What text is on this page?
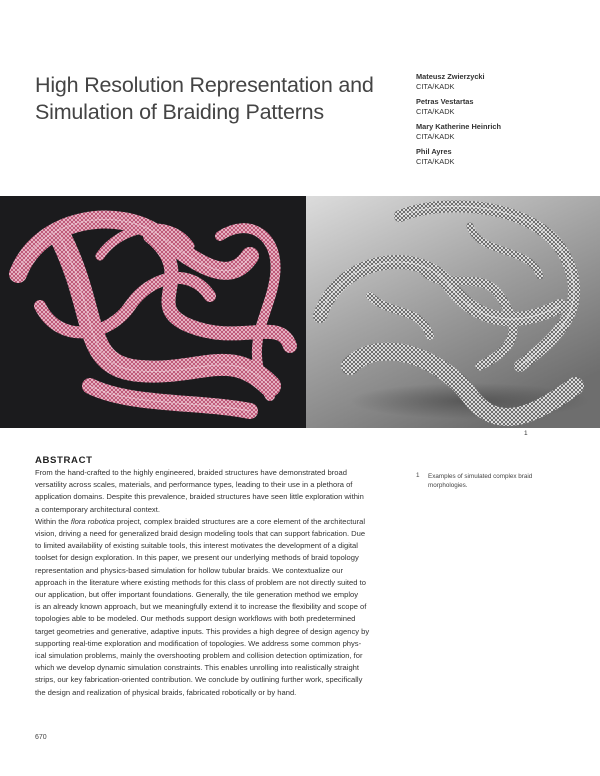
High Resolution Representation and
Simulation of Braiding Patterns
Mateusz Zwierzycki
CITA/KADK
Petras Vestartas
CITA/KADK
Mary Katherine Heinrich
CITA/KADK
Phil Ayres
CITA/KADK
1
ABSTRACT
From the hand-crafted to the highly engineered, braided structures have demonstrated broad
versatility across scales, materials, and performance types, leading to their use in a plethora of
application domains. Despite this prevalence, braided structures have seen little exploration within
a contemporary architectural context.
Within the flora robotica project, complex braided structures are a core element of the architectural
vision, driving a need for generalized braid design modeling tools that can support fabrication. Due
to limited availability of existing suitable tools, this interest motivates the development of a digital
toolset for design exploration. In this paper, we present our underlying methods of braid topology
representation and physics-based simulation for hollow tubular braids. We contextualize our
approach in the literature where existing methods for this class of problem are not directly suited to
our application, but offer important foundations. Generally, the tile generation method we employ
is an already known approach, but we meaningfully extend it to increase the flexibility and scope of
topologies able to be modeled. Our methods support design workflows with both predetermined
target geometries and generative, adaptive inputs. This provides a high degree of design agency by
supporting real-time exploration and modification of topologies. We address some common phys-
ical simulation problems, mainly the overshooting problem and collision detection optimization, for
which we develop dynamic simulation constraints. This enables unrolling into realistically straight
strips, our key fabrication-oriented contribution. We conclude by outlining further work, specifically
the design and realization of physical braids, fabricated robotically or by hand.
1 Examples of simulated complex braid morphologies.
670
